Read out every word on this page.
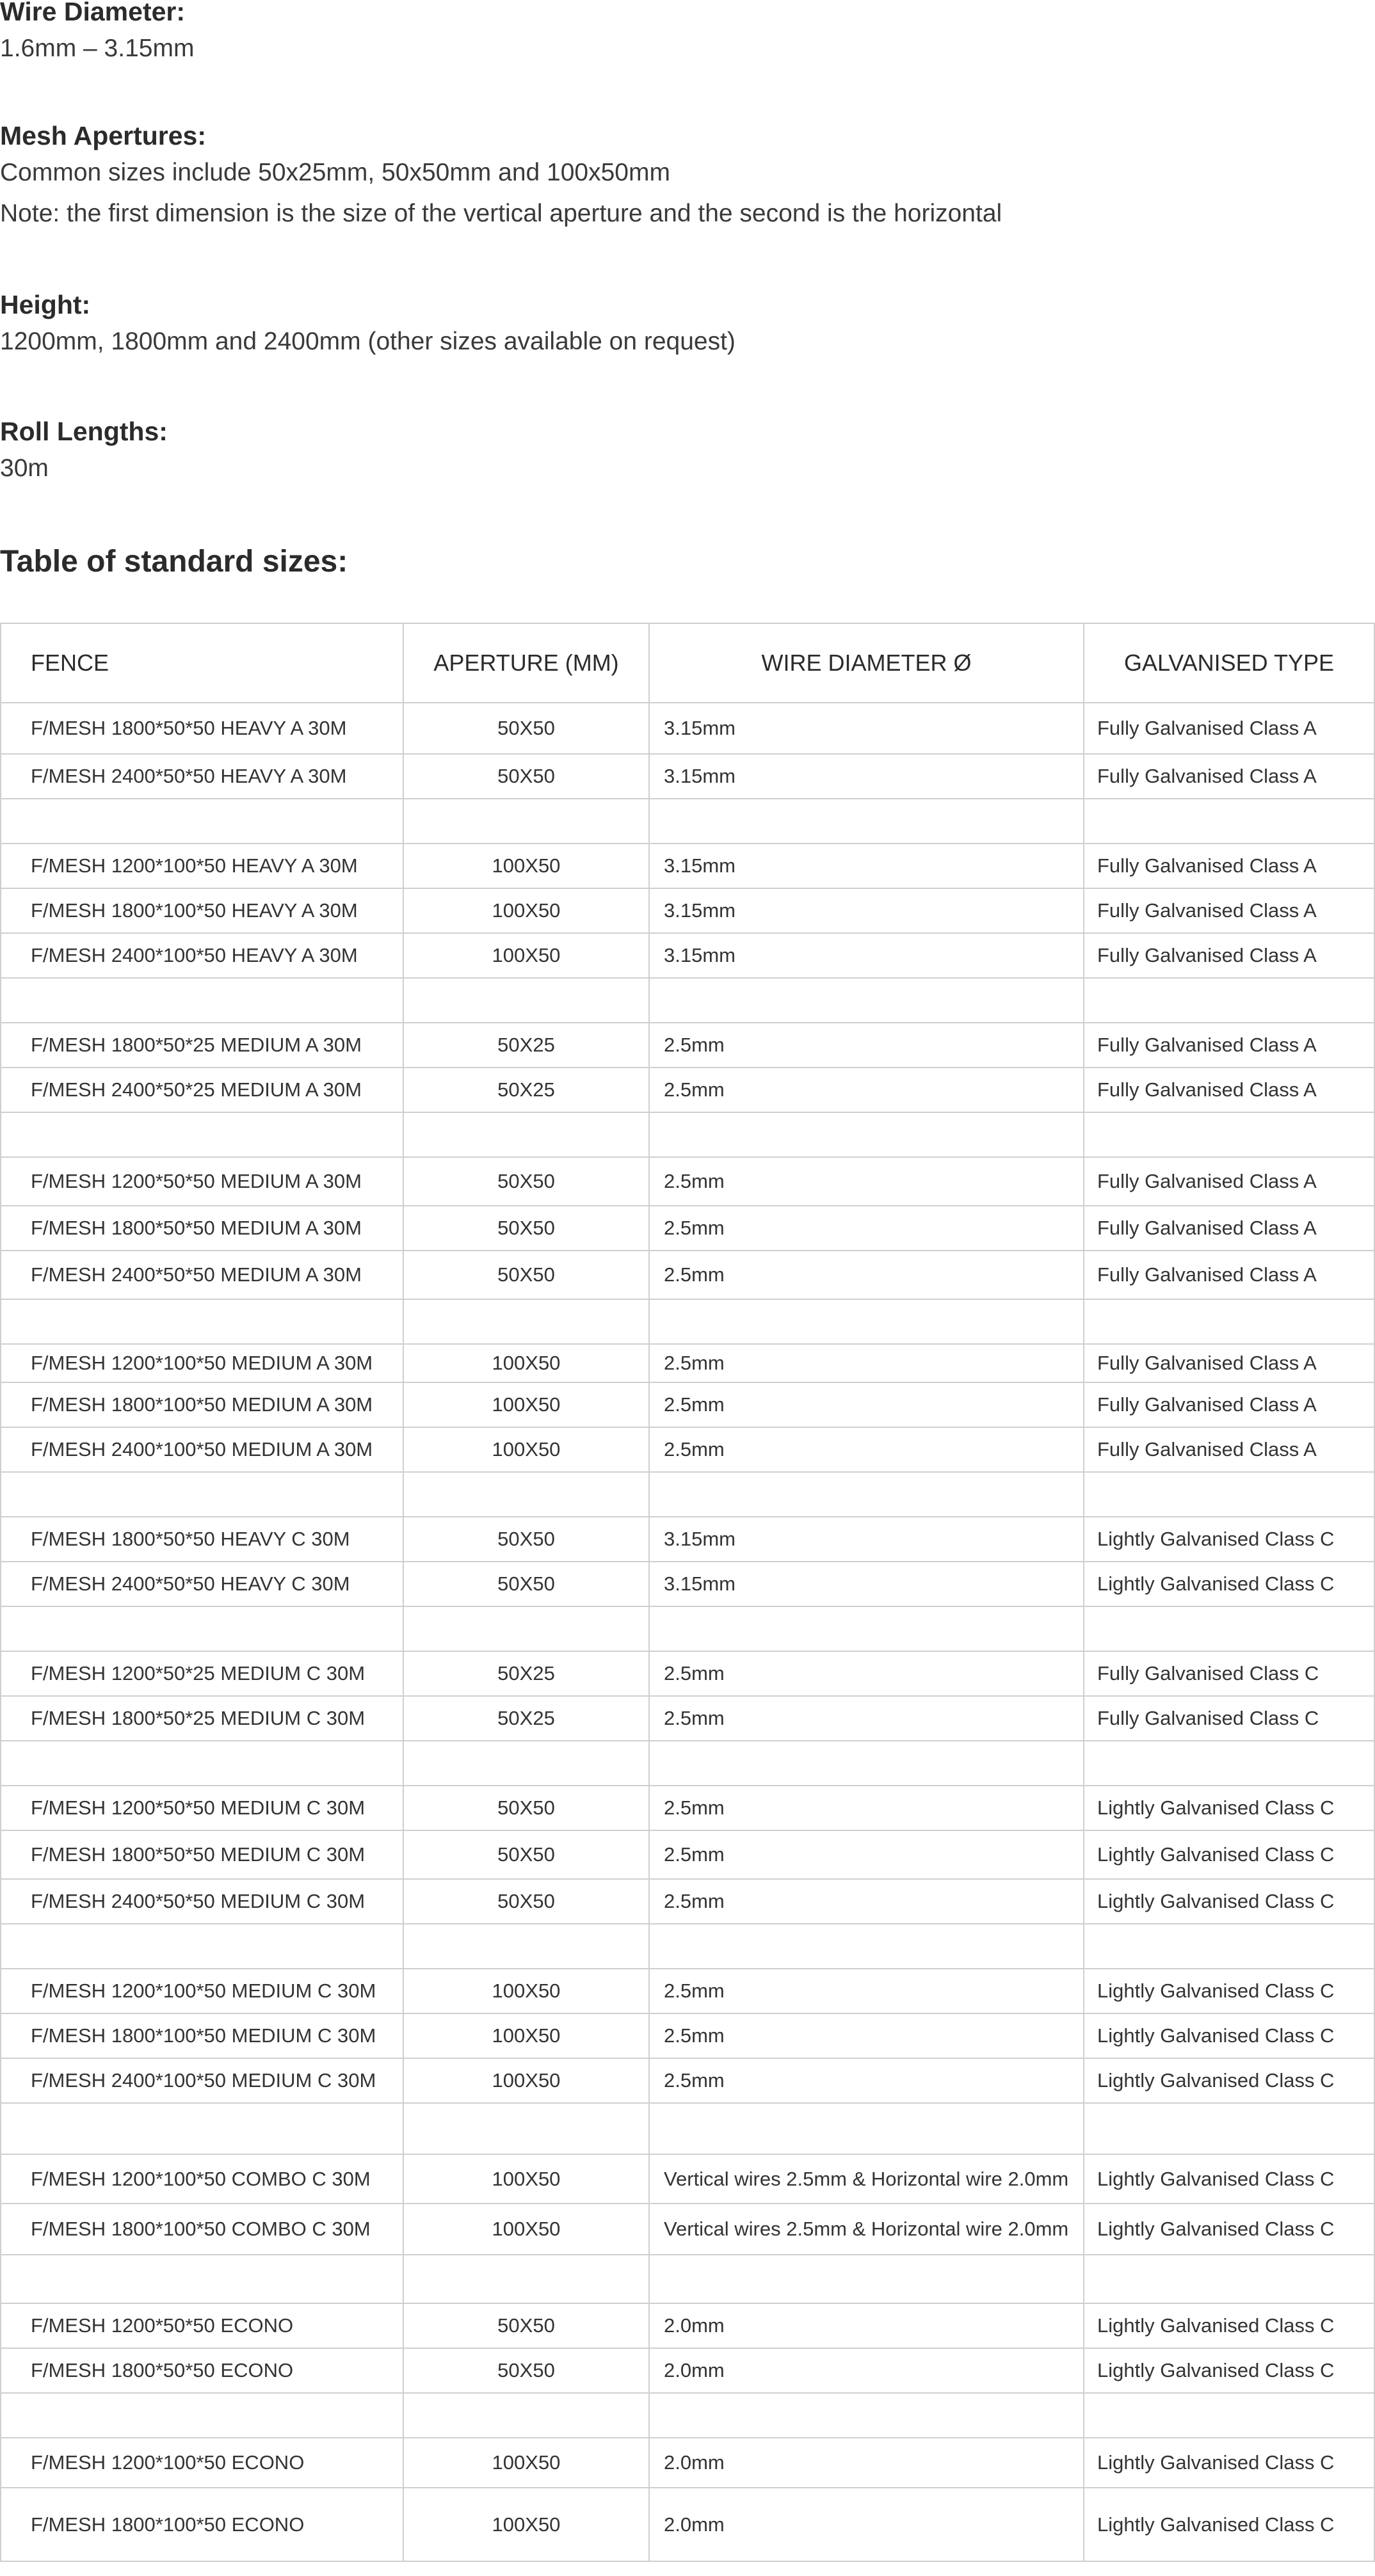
Wire Diameter:
1.6mm – 3.15mm
Mesh Apertures:
Common sizes include 50x25mm, 50x50mm and 100x50mm
Note: the first dimension is the size of the vertical aperture and the second is the horizontal
Height:
1200mm, 1800mm and 2400mm (other sizes available on request)
Roll Lengths:
30m
Table of standard sizes:
FENCE	APERTURE (MM)	WIRE DIAMETER Ø	GALVANISED TYPE
F/MESH 1800*50*50 HEAVY A 30M	50X50	3.15mm	Fully Galvanised Class A
F/MESH 2400*50*50 HEAVY A 30M	50X50	3.15mm	Fully Galvanised Class A

F/MESH 1200*100*50 HEAVY A 30M	100X50	3.15mm	Fully Galvanised Class A
F/MESH 1800*100*50 HEAVY A 30M	100X50	3.15mm	Fully Galvanised Class A
F/MESH 2400*100*50 HEAVY A 30M	100X50	3.15mm	Fully Galvanised Class A

F/MESH 1800*50*25 MEDIUM A 30M	50X25	2.5mm	Fully Galvanised Class A
F/MESH 2400*50*25 MEDIUM A 30M	50X25	2.5mm	Fully Galvanised Class A

F/MESH 1200*50*50 MEDIUM A 30M	50X50	2.5mm	Fully Galvanised Class A
F/MESH 1800*50*50 MEDIUM A 30M	50X50	2.5mm	Fully Galvanised Class A
F/MESH 2400*50*50 MEDIUM A 30M	50X50	2.5mm	Fully Galvanised Class A

F/MESH 1200*100*50 MEDIUM A 30M	100X50	2.5mm	Fully Galvanised Class A
F/MESH 1800*100*50 MEDIUM A 30M	100X50	2.5mm	Fully Galvanised Class A
F/MESH 2400*100*50 MEDIUM A 30M	100X50	2.5mm	Fully Galvanised Class A

F/MESH 1800*50*50 HEAVY C 30M	50X50	3.15mm	Lightly Galvanised Class C
F/MESH 2400*50*50 HEAVY C 30M	50X50	3.15mm	Lightly Galvanised Class C

F/MESH 1200*50*25 MEDIUM C 30M	50X25	2.5mm	Fully Galvanised Class C
F/MESH 1800*50*25 MEDIUM C 30M	50X25	2.5mm	Fully Galvanised Class C

F/MESH 1200*50*50 MEDIUM C 30M	50X50	2.5mm	Lightly Galvanised Class C
F/MESH 1800*50*50 MEDIUM C 30M	50X50	2.5mm	Lightly Galvanised Class C
F/MESH 2400*50*50 MEDIUM C 30M	50X50	2.5mm	Lightly Galvanised Class C

F/MESH 1200*100*50 MEDIUM C 30M	100X50	2.5mm	Lightly Galvanised Class C
F/MESH 1800*100*50 MEDIUM C 30M	100X50	2.5mm	Lightly Galvanised Class C
F/MESH 2400*100*50 MEDIUM C 30M	100X50	2.5mm	Lightly Galvanised Class C

F/MESH 1200*100*50 COMBO C 30M	100X50	Vertical wires 2.5mm & Horizontal wire 2.0mm	Lightly Galvanised Class C
F/MESH 1800*100*50 COMBO C 30M	100X50	Vertical wires 2.5mm & Horizontal wire 2.0mm	Lightly Galvanised Class C

F/MESH 1200*50*50 ECONO	50X50	2.0mm	Lightly Galvanised Class C
F/MESH 1800*50*50 ECONO	50X50	2.0mm	Lightly Galvanised Class C

F/MESH 1200*100*50 ECONO	100X50	2.0mm	Lightly Galvanised Class C
F/MESH 1800*100*50 ECONO	100X50	2.0mm	Lightly Galvanised Class C
